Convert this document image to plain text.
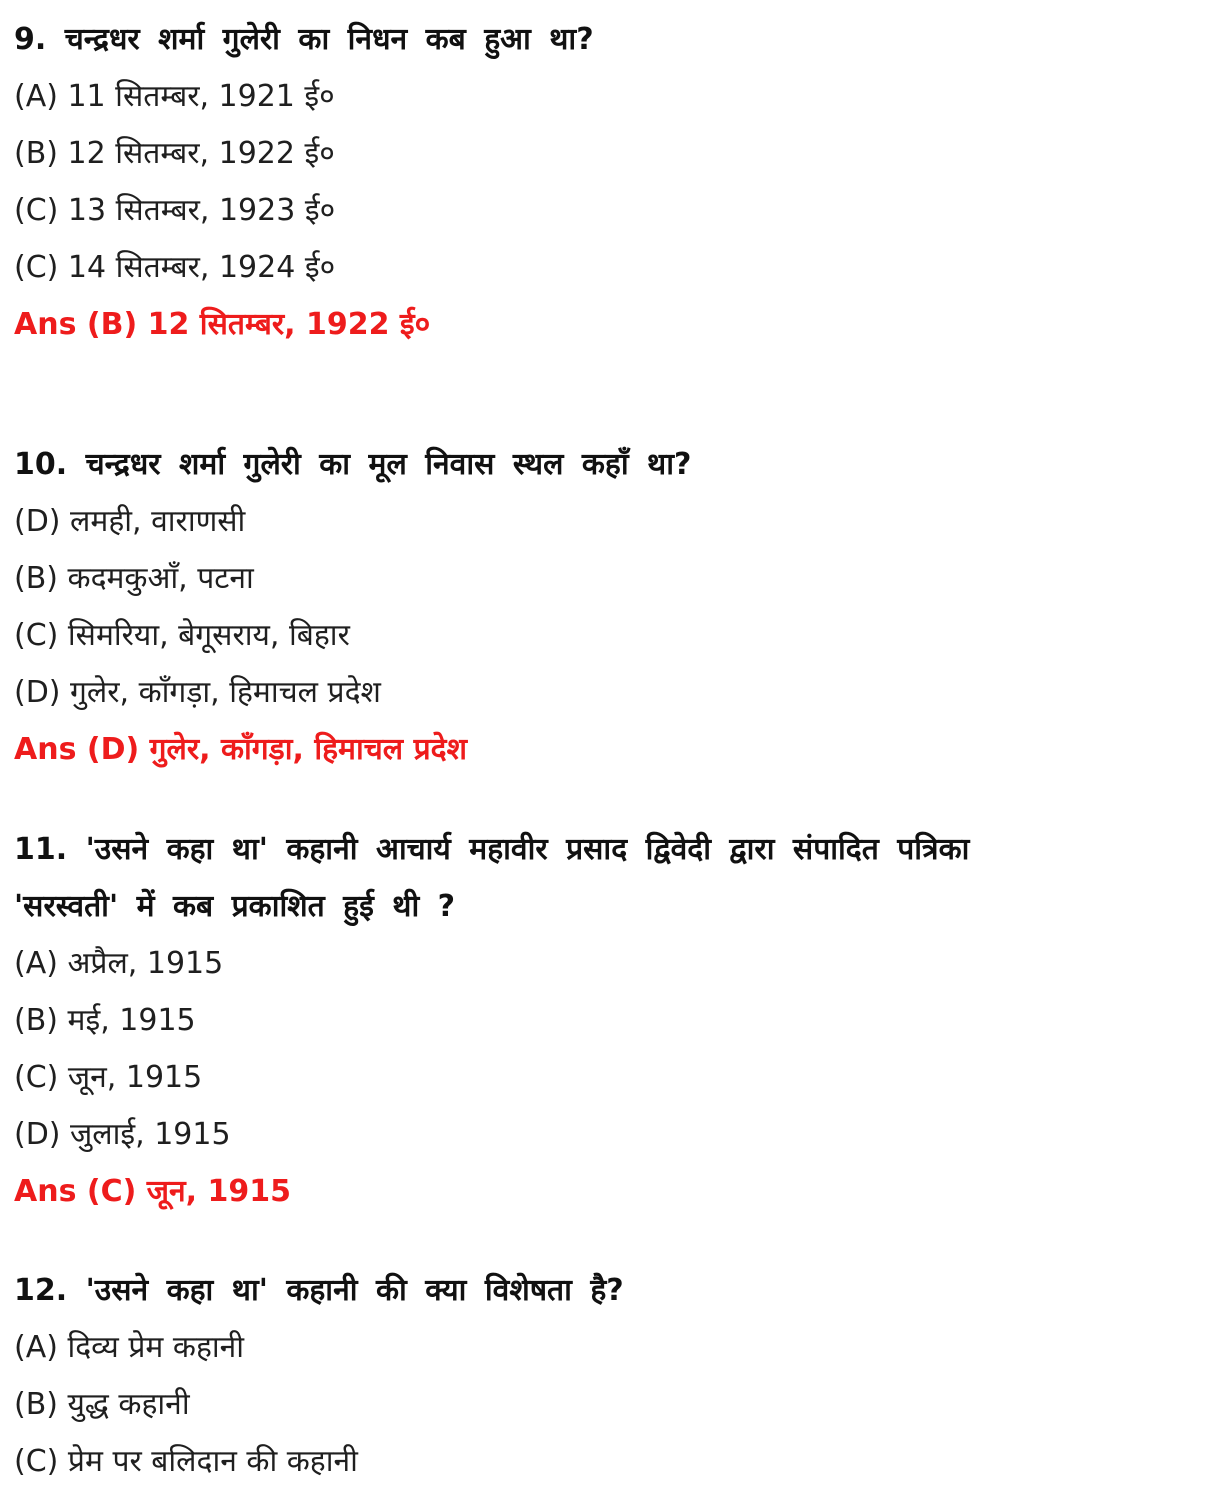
9. चन्द्रधर शर्मा गुलेरी का निधन कब हुआ था?
(A) 11 सितम्बर, 1921 ई०
(B) 12 सितम्बर, 1922 ई०
(C) 13 सितम्बर, 1923 ई०
(C) 14 सितम्बर, 1924 ई०
Ans (B) 12 सितम्बर, 1922 ई०
10. चन्द्रधर शर्मा गुलेरी का मूल निवास स्थल कहाँ था?
(D) लमही, वाराणसी
(B) कदमकुआँ, पटना
(C) सिमरिया, बेगूसराय, बिहार
(D) गुलेर, काँगड़ा, हिमाचल प्रदेश
Ans (D) गुलेर, काँगड़ा, हिमाचल प्रदेश
11. 'उसने कहा था' कहानी आचार्य महावीर प्रसाद द्विवेदी द्वारा संपादित पत्रिका
'सरस्वती' में कब प्रकाशित हुई थी ?
(A) अप्रैल, 1915
(B) मई, 1915
(C) जून, 1915
(D) जुलाई, 1915
Ans (C) जून, 1915
12. 'उसने कहा था' कहानी की क्या विशेषता है?
(A) दिव्य प्रेम कहानी
(B) युद्ध कहानी
(C) प्रेम पर बलिदान की कहानी
